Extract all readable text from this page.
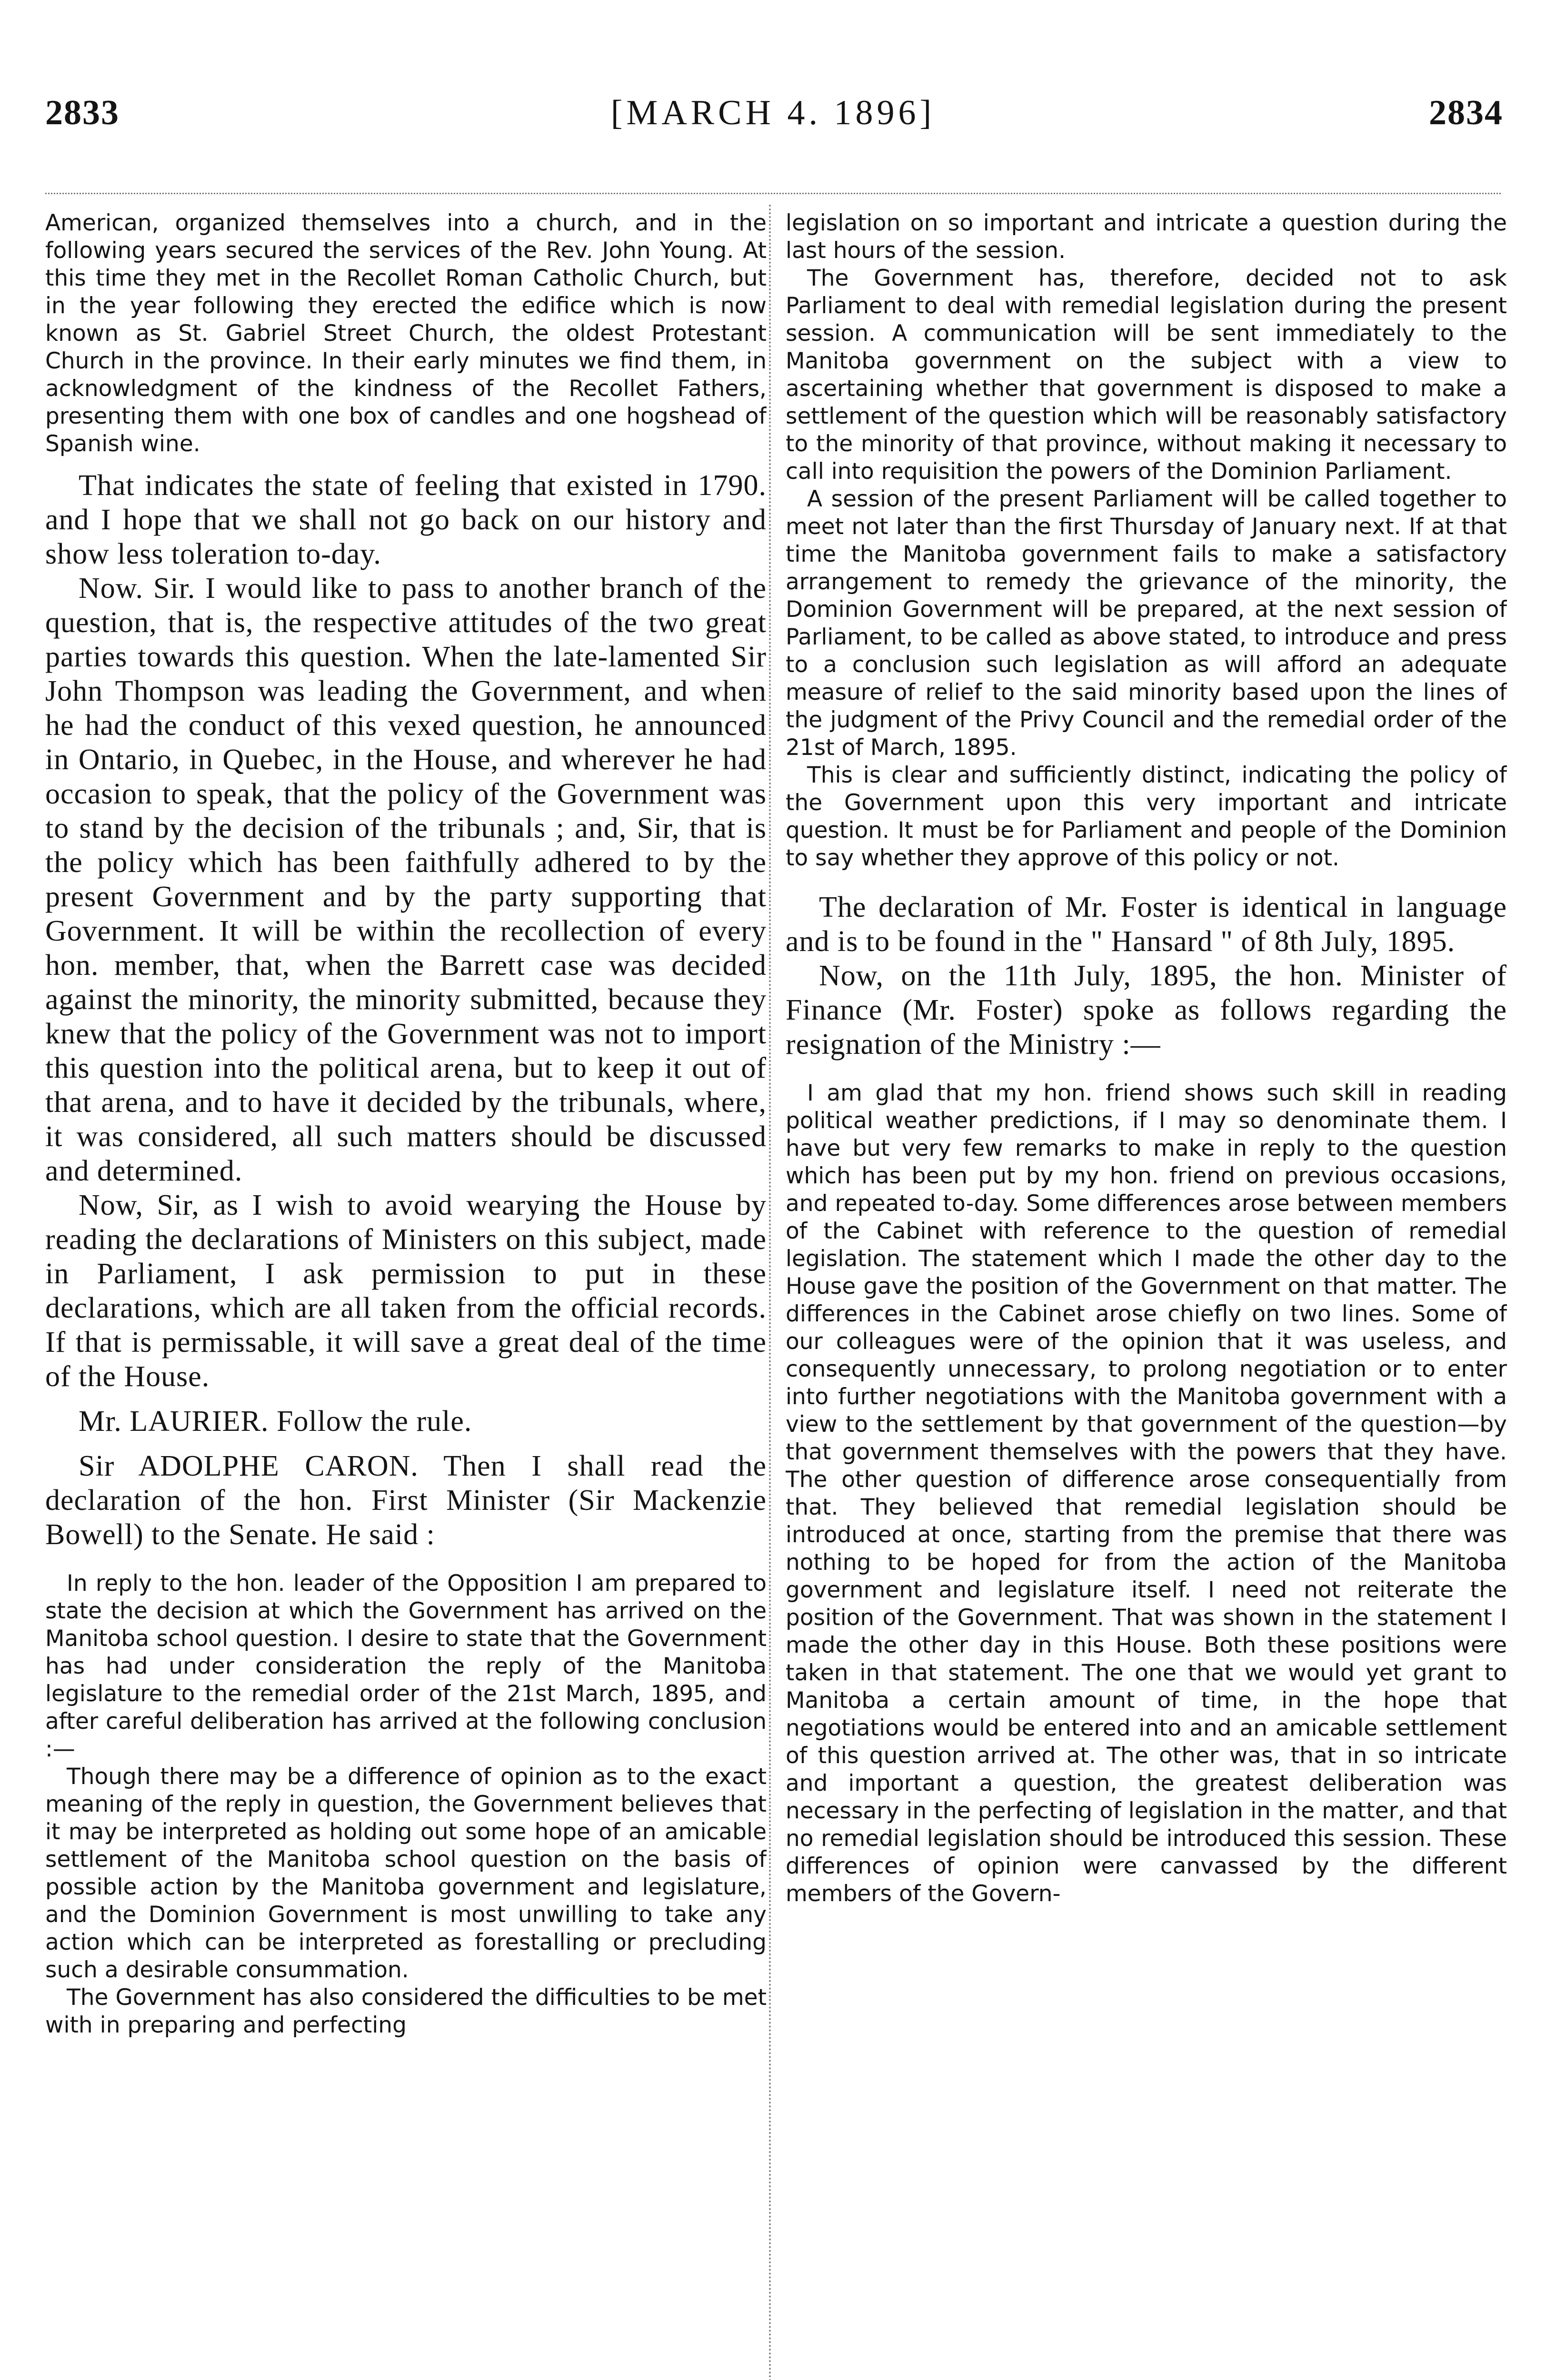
2833	[MARCH 4. 1896]	2834

American, organized themselves into a church, and in the following years secured the services of the Rev. John Young. At this time they met in the Recollet Roman Catholic Church, but in the year following they erected the edifice which is now known as St. Gabriel Street Church, the oldest Protestant Church in the province. In their early minutes we find them, in acknowledgment of the kindness of the Recollet Fathers, presenting them with one box of candles and one hogshead of Spanish wine.

That indicates the state of feeling that existed in 1790. and I hope that we shall not go back on our history and show less toleration to-day.

Now. Sir. I would like to pass to another branch of the question, that is, the respective attitudes of the two great parties towards this question. When the late-lamented Sir John Thompson was leading the Government, and when he had the conduct of this vexed question, he announced in Ontario, in Quebec, in the House, and wherever he had occasion to speak, that the policy of the Government was to stand by the decision of the tribunals ; and, Sir, that is the policy which has been faithfully adhered to by the present Government and by the party supporting that Government. It will be within the recollection of every hon. member, that, when the Barrett case was decided against the minority, the minority submitted, because they knew that the policy of the Government was not to import this question into the political arena, but to keep it out of that arena, and to have it decided by the tribunals, where, it was considered, all such matters should be discussed and determined.

Now, Sir, as I wish to avoid wearying the House by reading the declarations of Ministers on this subject, made in Parliament, I ask permission to put in these declarations, which are all taken from the official records. If that is permissable, it will save a great deal of the time of the House.

Mr. LAURIER. Follow the rule.

Sir ADOLPHE CARON. Then I shall read the declaration of the hon. First Minister (Sir Mackenzie Bowell) to the Senate. He said :

In reply to the hon. leader of the Opposition I am prepared to state the decision at which the Government has arrived on the Manitoba school question. I desire to state that the Government has had under consideration the reply of the Manitoba legislature to the remedial order of the 21st March, 1895, and after careful deliberation has arrived at the following conclusion :—

Though there may be a difference of opinion as to the exact meaning of the reply in question, the Government believes that it may be interpreted as holding out some hope of an amicable settlement of the Manitoba school question on the basis of possible action by the Manitoba government and legislature, and the Dominion Government is most unwilling to take any action which can be interpreted as forestalling or precluding such a desirable consummation.

The Government has also considered the difficulties to be met with in preparing and perfecting

legislation on so important and intricate a question during the last hours of the session.

The Government has, therefore, decided not to ask Parliament to deal with remedial legislation during the present session. A communication will be sent immediately to the Manitoba government on the subject with a view to ascertaining whether that government is disposed to make a settlement of the question which will be reasonably satisfactory to the minority of that province, without making it necessary to call into requisition the powers of the Dominion Parliament.

A session of the present Parliament will be called together to meet not later than the first Thursday of January next. If at that time the Manitoba government fails to make a satisfactory arrangement to remedy the grievance of the minority, the Dominion Government will be prepared, at the next session of Parliament, to be called as above stated, to introduce and press to a conclusion such legislation as will afford an adequate measure of relief to the said minority based upon the lines of the judgment of the Privy Council and the remedial order of the 21st of March, 1895.

This is clear and sufficiently distinct, indicating the policy of the Government upon this very important and intricate question. It must be for Parliament and people of the Dominion to say whether they approve of this policy or not.

The declaration of Mr. Foster is identical in language and is to be found in the " Hansard " of 8th July, 1895.

Now, on the 11th July, 1895, the hon. Minister of Finance (Mr. Foster) spoke as follows regarding the resignation of the Ministry :—

I am glad that my hon. friend shows such skill in reading political weather predictions, if I may so denominate them. I have but very few remarks to make in reply to the question which has been put by my hon. friend on previous occasions, and repeated to-day. Some differences arose between members of the Cabinet with reference to the question of remedial legislation. The statement which I made the other day to the House gave the position of the Government on that matter. The differences in the Cabinet arose chiefly on two lines. Some of our colleagues were of the opinion that it was useless, and consequently unnecessary, to prolong negotiation or to enter into further negotiations with the Manitoba government with a view to the settlement by that government of the question—by that government themselves with the powers that they have. The other question of difference arose consequentially from that. They believed that remedial legislation should be introduced at once, starting from the premise that there was nothing to be hoped for from the action of the Manitoba government and legislature itself. I need not reiterate the position of the Government. That was shown in the statement I made the other day in this House. Both these positions were taken in that statement. The one that we would yet grant to Manitoba a certain amount of time, in the hope that negotiations would be entered into and an amicable settlement of this question arrived at. The other was, that in so intricate and important a question, the greatest deliberation was necessary in the perfecting of legislation in the matter, and that no remedial legislation should be introduced this session. These differences of opinion were canvassed by the different members of the Govern-
